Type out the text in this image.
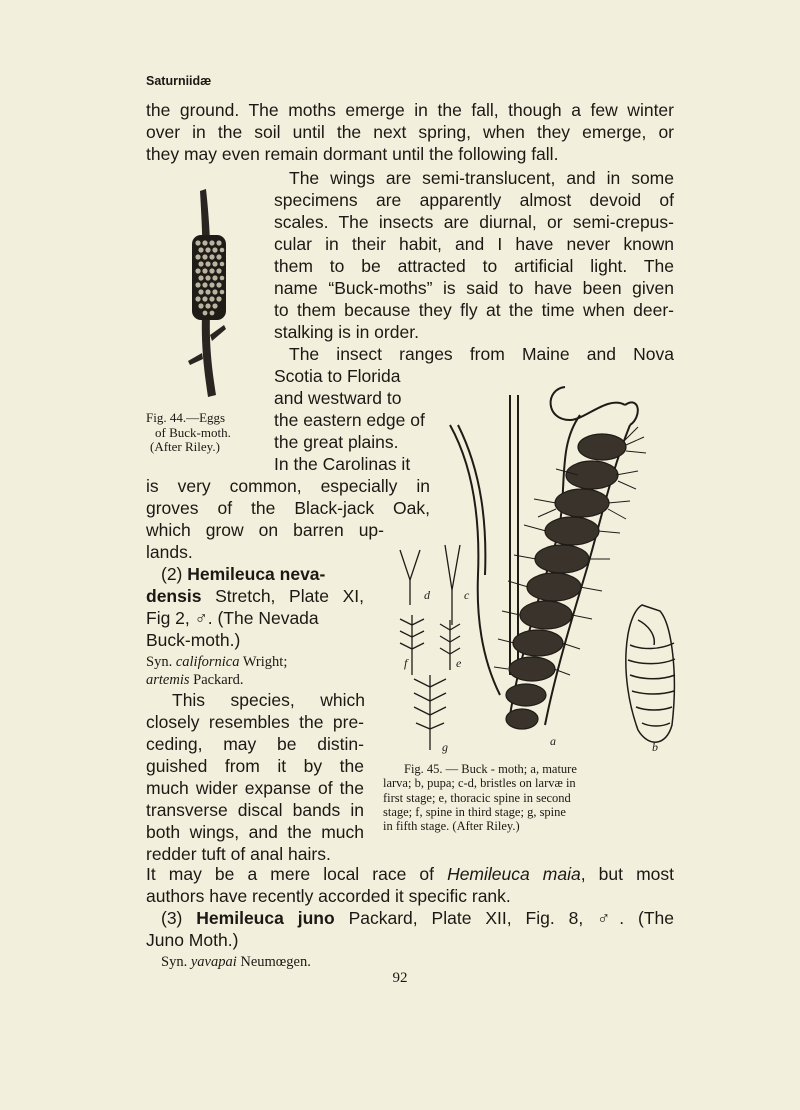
Saturniidæ
the ground. The moths emerge in the fall, though a few winter
over in the soil until the next spring, when they emerge, or
they may even remain dormant until the following fall.
The wings are semi-translucent, and in some
specimens are apparently almost devoid of
scales. The insects are diurnal, or semi-crepus-
cular in their habit, and I have never known
them to be attracted to artificial light. The
name “Buck-moths” is said to have been given
to them because they fly at the time when deer-
stalking is in order.
The insect ranges from Maine and Nova
Scotia to Florida
and westward to
the eastern edge of
the great plains.
In the Carolinas it
is very common, especially in
groves of the Black-jack Oak,
which grow on barren up-
lands.
(2) Hemileuca neva-
densis Stretch, Plate XI,
Fig 2, ♂. (The Nevada
Buck-moth.)
Syn. californica Wright;
artemis Packard.
This species, which
closely resembles the pre-
ceding, may be distin-
guished from it by the
much wider expanse of the
transverse discal bands in
both wings, and the much
redder tuft of anal hairs.
It may be a mere local race of Hemileuca maia, but most
authors have recently accorded it specific rank.
(3) Hemileuca juno Packard, Plate XII, Fig. 8, ♂. (The
Juno Moth.)
Syn. yavapai Neumœgen.
Fig. 44.—Eggs
of Buck-moth.
(After Riley.)
d	c
f	e
g	a	b
Fig. 45. — Buck - moth; a, mature
larva; b, pupa; c-d, bristles on larvæ in
first stage; e, thoracic spine in second
stage; f, spine in third stage; g, spine
in fifth stage. (After Riley.)
92
